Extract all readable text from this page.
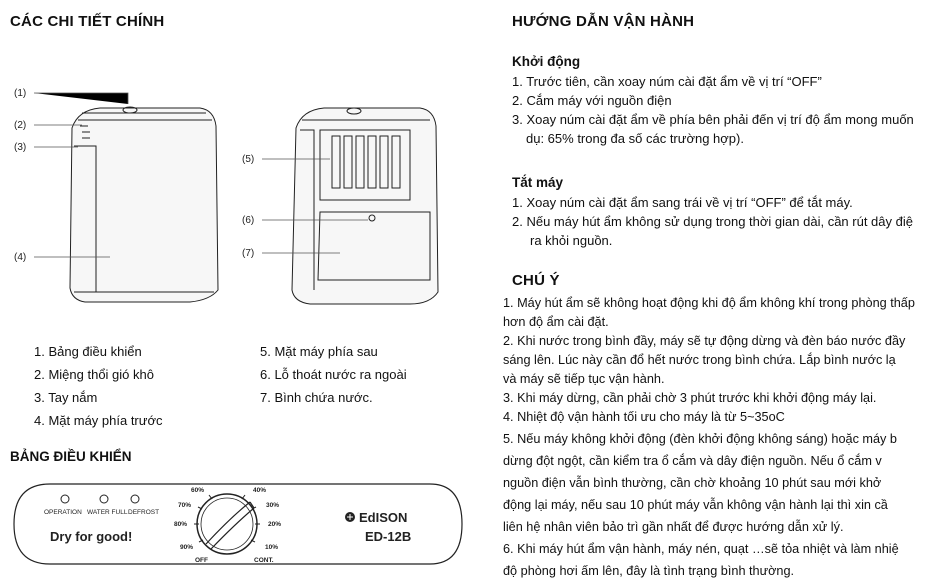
CÁC CHI TIẾT CHÍNH
(1)
(2)
(3)
(4)
(5)
(6)
(7)
1. Bảng điều khiển
2. Miệng thổi gió khô
3. Tay nắm
4. Mặt máy phía trước
5. Mặt máy phía sau
6. Lỗ thoát nước ra ngoài
7. Bình chứa nước.
BẢNG ĐIỀU KHIỂN
OPERATION WATER FULL DEFROST
Dry for good!
60%	40%
70%	30%
80%	20%
90%	10%
OFF	CONT.
EdISON
ED-12B
HƯỚNG DẪN VẬN HÀNH
Khởi động
1. Trước tiên, cần xoay núm cài đặt ẩm về vị trí “OFF”
2. Cắm máy với nguồn điện
3. Xoay núm cài đặt ẩm về phía bên phải đến vị trí độ ẩm mong muốn
dụ: 65% trong đa số các trường hợp).
Tắt máy
1. Xoay núm cài đặt ẩm sang trái về vị trí “OFF” để tắt máy.
2. Nếu máy hút ẩm không sử dụng trong thời gian dài, cần rút dây điệ
ra khỏi nguồn.
CHÚ Ý
1. Máy hút ẩm sẽ không hoạt động khi độ ẩm không khí trong phòng thấp
hơn độ ẩm cài đặt.
2. Khi nước trong bình đầy, máy sẽ tự động dừng và đèn báo nước đầy
sáng lên. Lúc này cần đổ hết nước trong bình chứa. Lắp bình nước lạ
và máy sẽ tiếp tục vận hành.
3. Khi máy dừng, cần phải chờ 3 phút trước khi khởi động máy lại.
4. Nhiệt độ vận hành tối ưu cho máy là từ 5~35oC
5. Nếu máy không khởi động (đèn khởi động không sáng) hoặc máy b
dừng đột ngột, cần kiểm tra ổ cắm và dây điện nguồn. Nếu ổ cắm v
nguồn điện vẫn bình thường, cần chờ khoảng 10 phút sau mới khở
động lại máy, nếu sau 10 phút máy vẫn không vận hành lại thì xin cầ
liên hệ nhân viên bảo trì gần nhất để được hướng dẫn xử lý.
6. Khi máy hút ẩm vận hành, máy nén, quạt …sẽ tỏa nhiệt và làm nhiệ
độ phòng hơi ấm lên, đây là tình trạng bình thường.
